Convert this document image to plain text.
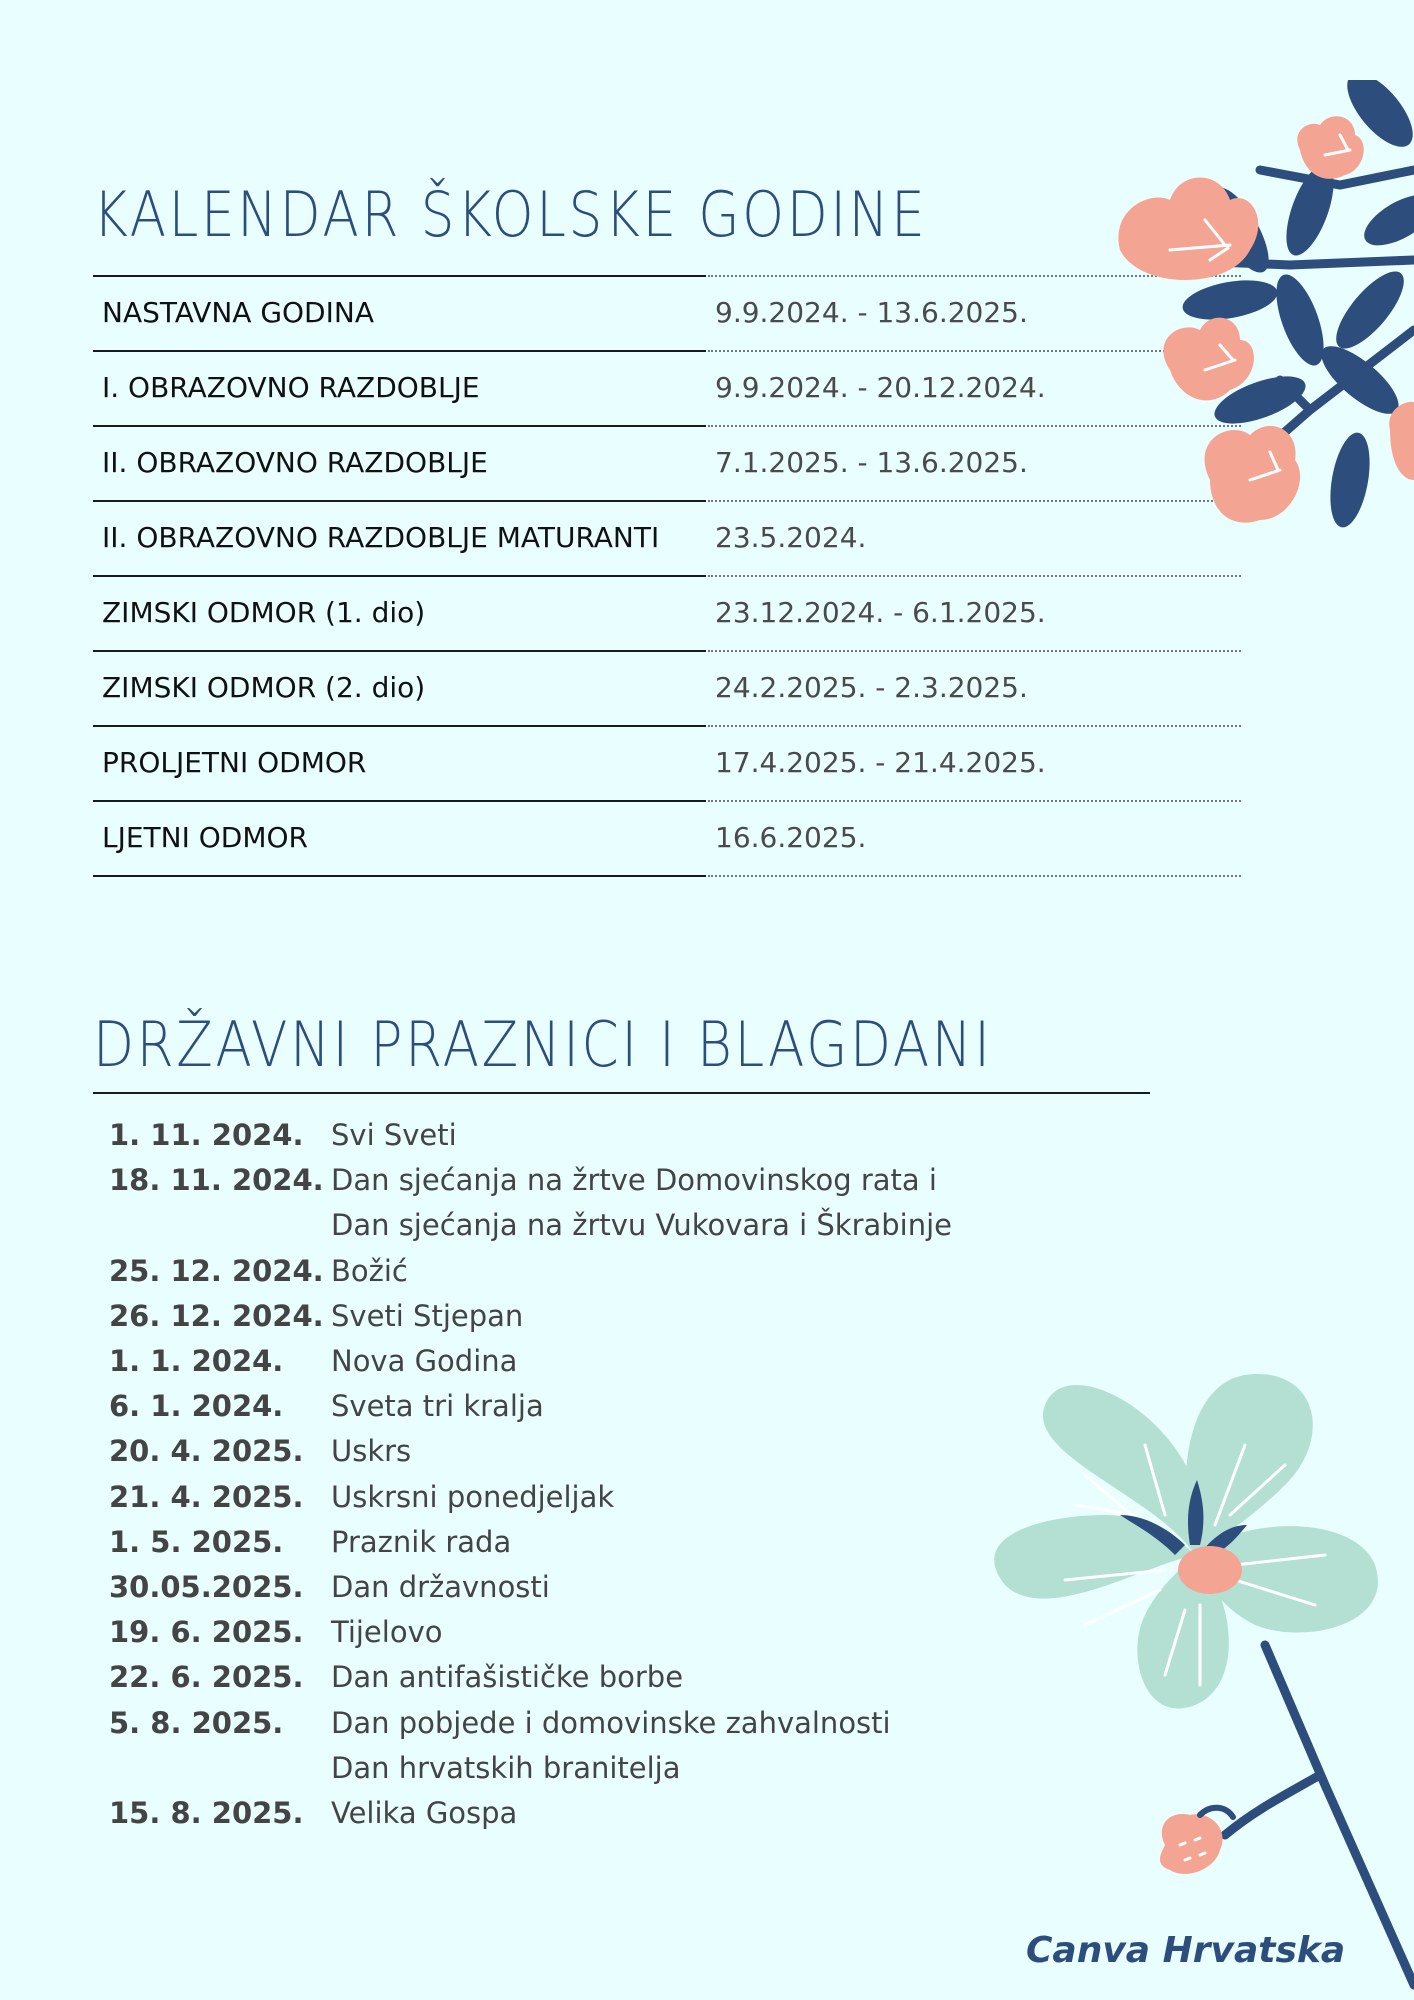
KALENDAR ŠKOLSKE GODINE
NASTAVNA GODINA	9.9.2024. - 13.6.2025.
I. OBRAZOVNO RAZDOBLJE	9.9.2024. - 20.12.2024.
II. OBRAZOVNO RAZDOBLJE	7.1.2025. - 13.6.2025.
II. OBRAZOVNO RAZDOBLJE MATURANTI 23.5.2024.
ZIMSKI ODMOR (1. dio)	23.12.2024. - 6.1.2025.
ZIMSKI ODMOR (2. dio)	24.2.2025. - 2.3.2025.
PROLJETNI ODMOR	17.4.2025. - 21.4.2025.
LJETNI ODMOR	16.6.2025.
DRŽAVNI PRAZNICI I BLAGDANI
1. 11. 2024. Svi Sveti
18. 11. 2024. Dan sjećanja na žrtve Domovinskog rata i
Dan sjećanja na žrtvu Vukovara i Škrabinje
25. 12. 2024. Božić
26. 12. 2024. Sveti Stjepan
1. 1. 2024. Nova Godina
6. 1. 2024. Sveta tri kralja
20. 4. 2025. Uskrs
21. 4. 2025. Uskrsni ponedjeljak
1. 5. 2025. Praznik rada
30.05.2025. Dan državnosti
19. 6. 2025. Tijelovo
22. 6. 2025. Dan antifašističke borbe
5. 8. 2025. Dan pobjede i domovinske zahvalnosti
Dan hrvatskih branitelja
15. 8. 2025. Velika Gospa
Canva Hrvatska
